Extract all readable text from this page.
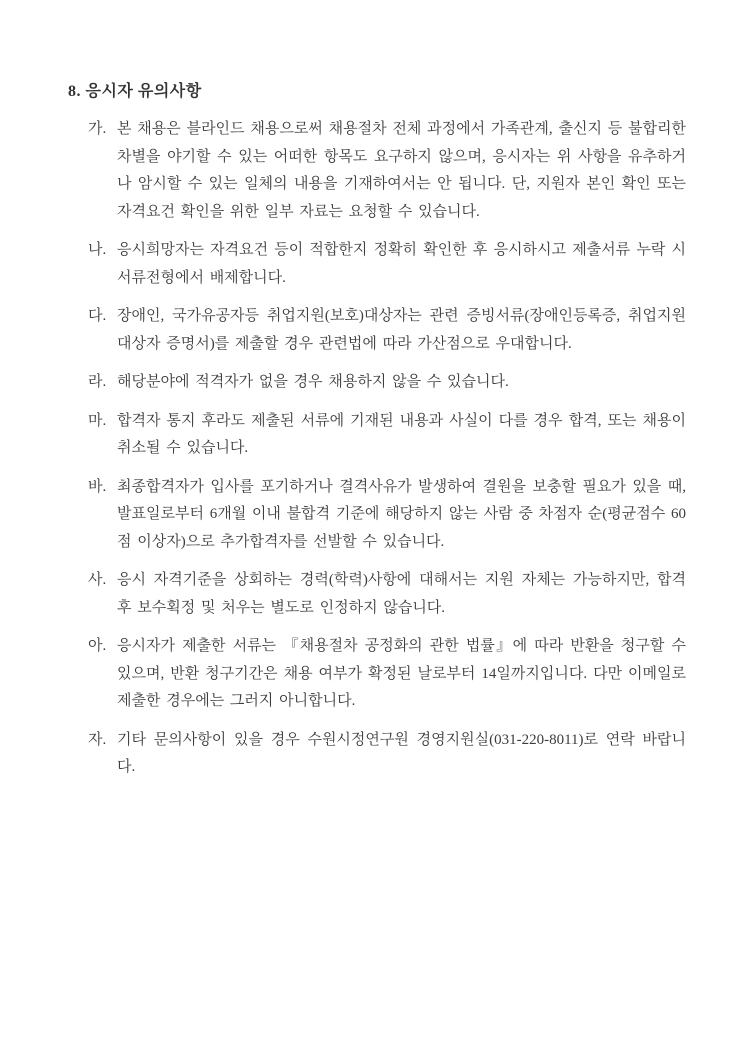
8. 응시자 유의사항
가. 본 채용은 블라인드 채용으로써 채용절차 전체 과정에서 가족관계, 출신지 등 불합리한 차별을 야기할 수 있는 어떠한 항목도 요구하지 않으며, 응시자는 위 사항을 유추하거나 암시할 수 있는 일체의 내용을 기재하여서는 안 됩니다. 단, 지원자 본인 확인 또는 자격요건 확인을 위한 일부 자료는 요청할 수 있습니다.
나. 응시희망자는 자격요건 등이 적합한지 정확히 확인한 후 응시하시고 제출서류 누락 시 서류전형에서 배제합니다.
다. 장애인, 국가유공자등 취업지원(보호)대상자는 관련 증빙서류(장애인등록증, 취업지원대상자 증명서)를 제출할 경우 관련법에 따라 가산점으로 우대합니다.
라. 해당분야에 적격자가 없을 경우 채용하지 않을 수 있습니다.
마. 합격자 통지 후라도 제출된 서류에 기재된 내용과 사실이 다를 경우 합격, 또는 채용이 취소될 수 있습니다.
바. 최종합격자가 입사를 포기하거나 결격사유가 발생하여 결원을 보충할 필요가 있을 때, 발표일로부터 6개월 이내 불합격 기준에 해당하지 않는 사람 중 차점자 순(평균점수 60점 이상자)으로 추가합격자를 선발할 수 있습니다.
사. 응시 자격기준을 상회하는 경력(학력)사항에 대해서는 지원 자체는 가능하지만, 합격 후 보수획정 및 처우는 별도로 인정하지 않습니다.
아. 응시자가 제출한 서류는 『채용절차 공정화의 관한 법률』에 따라 반환을 청구할 수 있으며, 반환 청구기간은 채용 여부가 확정된 날로부터 14일까지입니다. 다만 이메일로 제출한 경우에는 그러지 아니합니다.
자. 기타 문의사항이 있을 경우 수원시정연구원 경영지원실(031-220-8011)로 연락 바랍니다.
